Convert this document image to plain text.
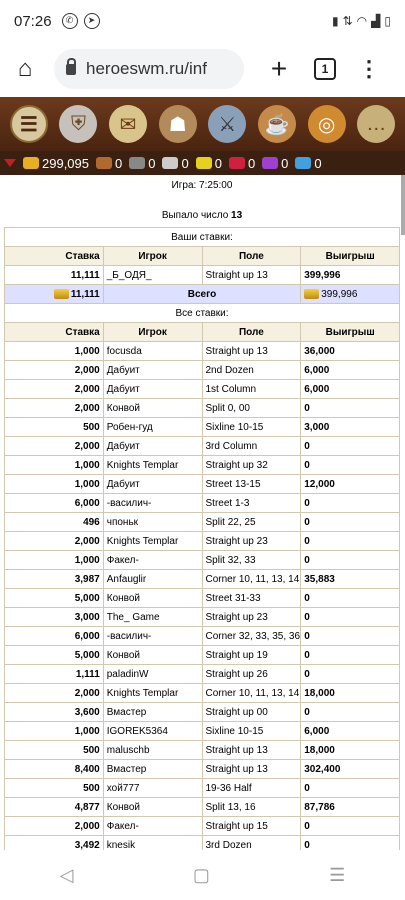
07:26	✆	➤	▮ ⇅ ◠ ▟ ▯
⌂	heroeswm.ru/inf +	1	⋮
☰	⛨	✉	☗	⚔	☕	◎	…
299,095 0 0 0 0 0 0 0
Игра: 7:25:00
Выпало число 13
Ваши ставки:			
Ставка	Игрок	Поле	Выигрыш
11,111	_Б_ОДЯ_	Straight up 13	399,996
11,111	Всего		399,996
Все ставки:			
Ставка	Игрок	Поле	Выигрыш
1,000	focusda	Straight up 13	36,000
2,000	Дабуит	2nd Dozen	6,000
2,000	Дабуит	1st Column	6,000
2,000	Конвой	Split 0, 00	0
500	Робен-гуд	Sixline 10-15	3,000
2,000	Дабуит	3rd Column	0
1,000	Knights Templar	Straight up 32	0
1,000	Дабуит	Street 13-15	12,000
6,000	-василич-	Street 1-3	0
496	чпоньк	Split 22, 25	0
2,000	Knights Templar	Straight up 23	0
1,000	Факел-	Split 32, 33	0
3,987	Anfauglir	Corner 10, 11, 13, 14	35,883
5,000	Конвой	Street 31-33	0
3,000	The_ Game	Straight up 23	0
6,000	-василич-	Corner 32, 33, 35, 36	0
5,000	Конвой	Straight up 19	0
1,111	paladinW	Straight up 26	0
2,000	Knights Templar	Corner 10, 11, 13, 14	18,000
3,600	Вмастер	Straight up 00	0
1,000	IGOREK5364	Sixline 10-15	6,000
500	maluschb	Straight up 13	18,000
8,400	Вмастер	Straight up 13	302,400
500	хой777	19-36 Half	0
4,877	Конвой	Split 13, 16	87,786
2,000	Факел-	Straight up 15	0
3,492	knesik	3rd Dozen	0
◁	▢	☰
